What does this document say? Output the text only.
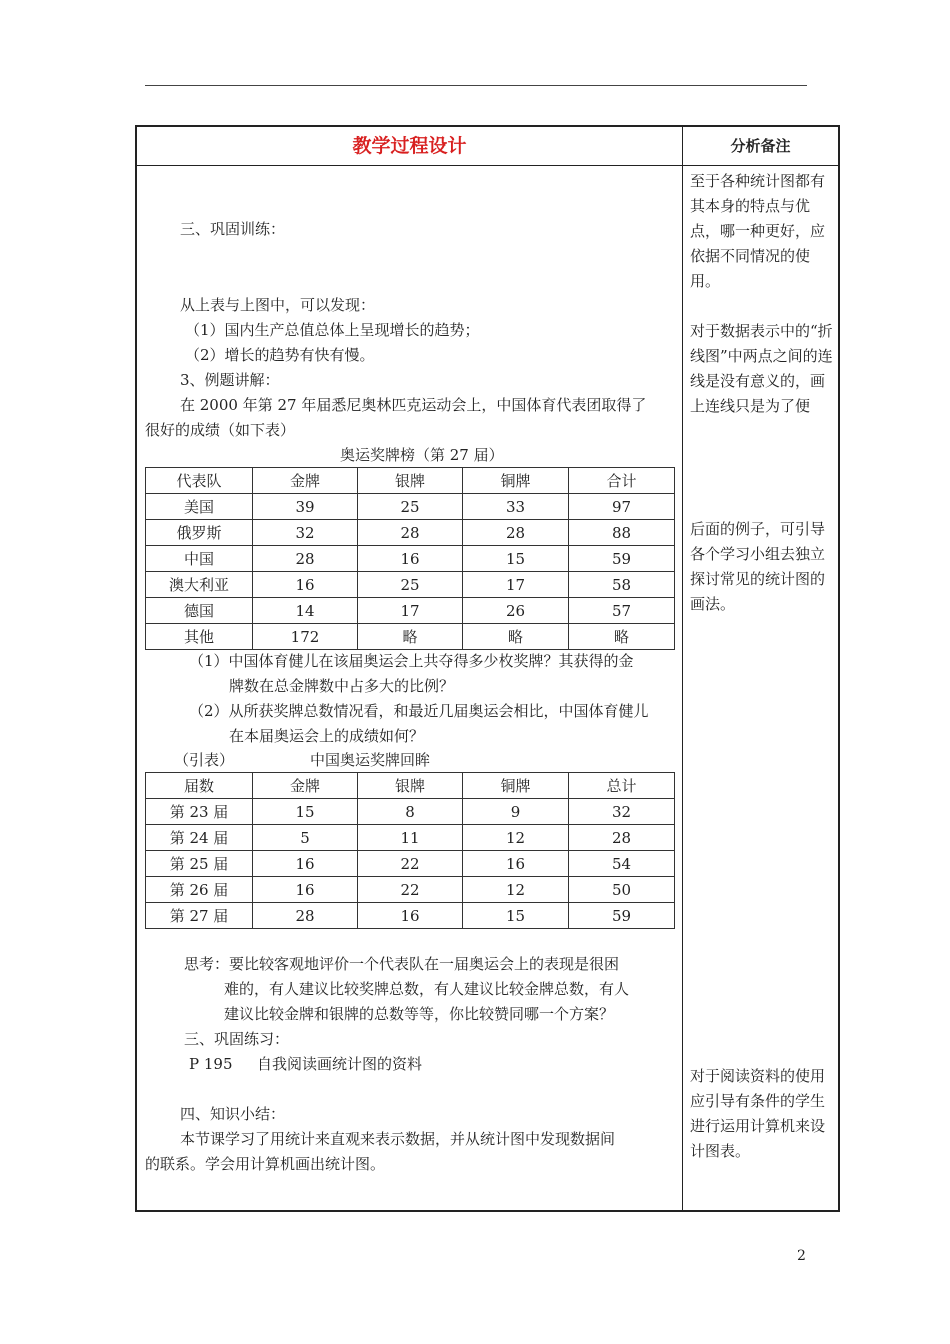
教学过程设计	分析备注
三、巩固训练：
从上表与上图中，可以发现：
（1）国内生产总值总体上呈现增长的趋势；
（2）增长的趋势有快有慢。
3、例题讲解：
在 2000 年第 27 年届悉尼奥林匹克运动会上，中国体育代表团取得了
很好的成绩（如下表）
奥运奖牌榜（第 27 届）
代表队	金牌	银牌	铜牌	合计
美国	39	25	33	97
俄罗斯	32	28	28	88
中国	28	16	15	59
澳大利亚	16	25	17	58
德国	14	17	26	57
其他	172	略	略	略
（1）中国体育健儿在该届奥运会上共夺得多少枚奖牌？其获得的金
牌数在总金牌数中占多大的比例？
（2）从所获奖牌总数情况看，和最近几届奥运会相比，中国体育健儿
在本届奥运会上的成绩如何？
（引表）	中国奥运奖牌回眸
届数	金牌	银牌	铜牌	总计
第 23 届	15	8	9	32
第 24 届	5	11	12	28
第 25 届	16	22	16	54
第 26 届	16	22	12	50
第 27 届	28	16	15	59
思考：要比较客观地评价一个代表队在一届奥运会上的表现是很困
难的，有人建议比较奖牌总数，有人建议比较金牌总数，有人
建议比较金牌和银牌的总数等等，你比较赞同哪一个方案？
三、巩固练习：
P 195 自我阅读画统计图的资料
四、知识小结：
本节课学习了用统计来直观来表示数据，并从统计图中发现数据间
的联系。学会用计算机画出统计图。
至于各种统计图都有其本身的特点与优点，哪一种更好，应依据不同情况的使用。
对于数据表示中的“折线图”中两点之间的连线是没有意义的，画上连线只是为了便
后面的例子，可引导各个学习小组去独立探讨常见的统计图的画法。
对于阅读资料的使用应引导有条件的学生进行运用计算机来设计图表。
2
